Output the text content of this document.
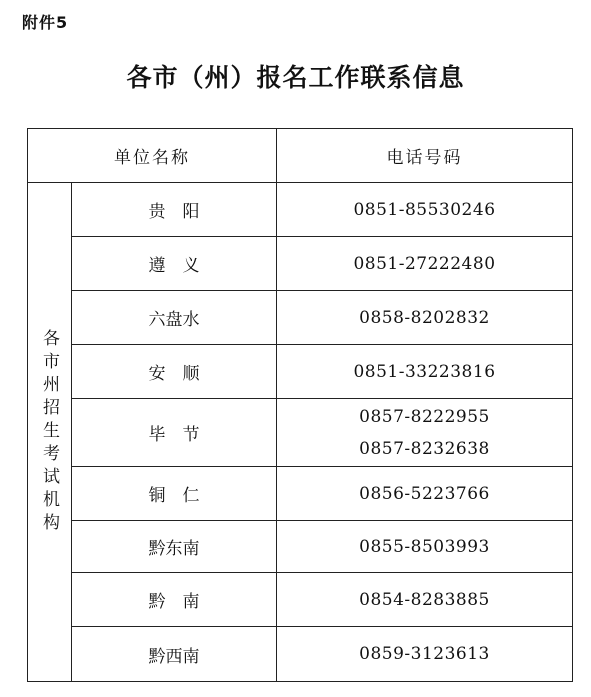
附件5
各市（州）报名工作联系信息
单位名称		电话号码

各市州招生考试机构	贵　阳	0851-85530246

	遵　义	0851-27222480

	六盘水	0858-8202832

	安　顺	0851-33223816

	毕　节	0857-8222955
0857-8232638

	铜　仁	0856-5223766

	黔东南	0855-8503993

	黔　南	0854-8283885

	黔西南	0859-3123613
